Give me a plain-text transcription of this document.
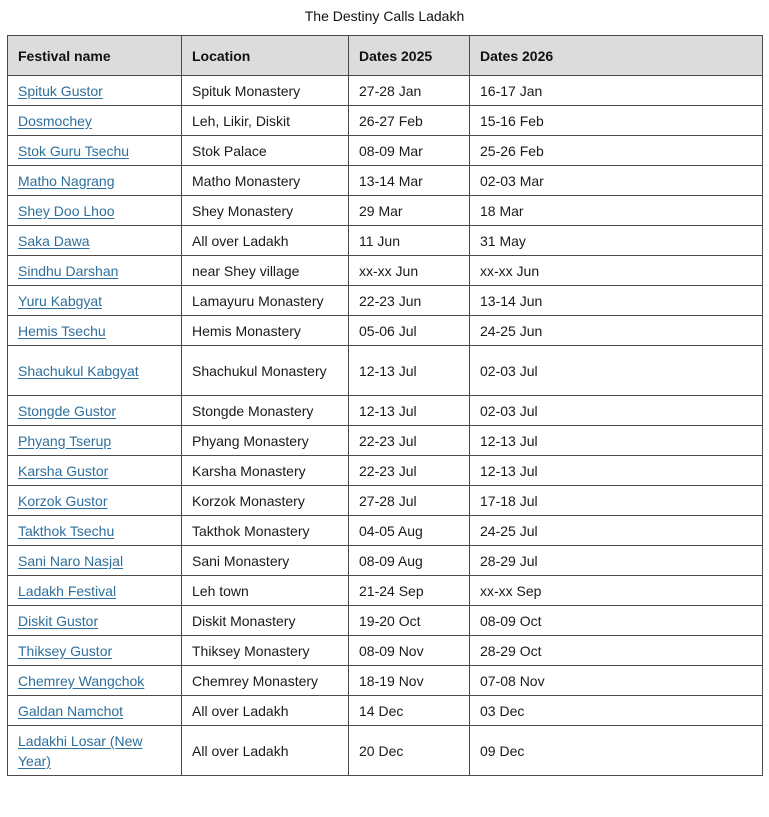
The Destiny Calls Ladakh
Festival name	Location	Dates 2025	Dates 2026
Spituk Gustor	Spituk Monastery	27-28 Jan	16-17 Jan
Dosmochey	Leh, Likir, Diskit	26-27 Feb	15-16 Feb
Stok Guru Tsechu	Stok Palace	08-09 Mar	25-26 Feb
Matho Nagrang	Matho Monastery	13-14 Mar	02-03 Mar
Shey Doo Lhoo	Shey Monastery	29 Mar	18 Mar
Saka Dawa	All over Ladakh	11 Jun	31 May
Sindhu Darshan	near Shey village	xx-xx Jun	xx-xx Jun
Yuru Kabgyat	Lamayuru Monastery	22-23 Jun	13-14 Jun
Hemis Tsechu	Hemis Monastery	05-06 Jul	24-25 Jun
Shachukul Kabgyat	Shachukul Monastery	12-13 Jul	02-03 Jul
Stongde Gustor	Stongde Monastery	12-13 Jul	02-03 Jul
Phyang Tserup	Phyang Monastery	22-23 Jul	12-13 Jul
Karsha Gustor	Karsha Monastery	22-23 Jul	12-13 Jul
Korzok Gustor	Korzok Monastery	27-28 Jul	17-18 Jul
Takthok Tsechu	Takthok Monastery	04-05 Aug	24-25 Jul
Sani Naro Nasjal	Sani Monastery	08-09 Aug	28-29 Jul
Ladakh Festival	Leh town	21-24 Sep	xx-xx Sep
Diskit Gustor	Diskit Monastery	19-20 Oct	08-09 Oct
Thiksey Gustor	Thiksey Monastery	08-09 Nov	28-29 Oct
Chemrey Wangchok	Chemrey Monastery	18-19 Nov	07-08 Nov
Galdan Namchot	All over Ladakh	14 Dec	03 Dec
Ladakhi Losar (New Year)	All over Ladakh	20 Dec	09 Dec
